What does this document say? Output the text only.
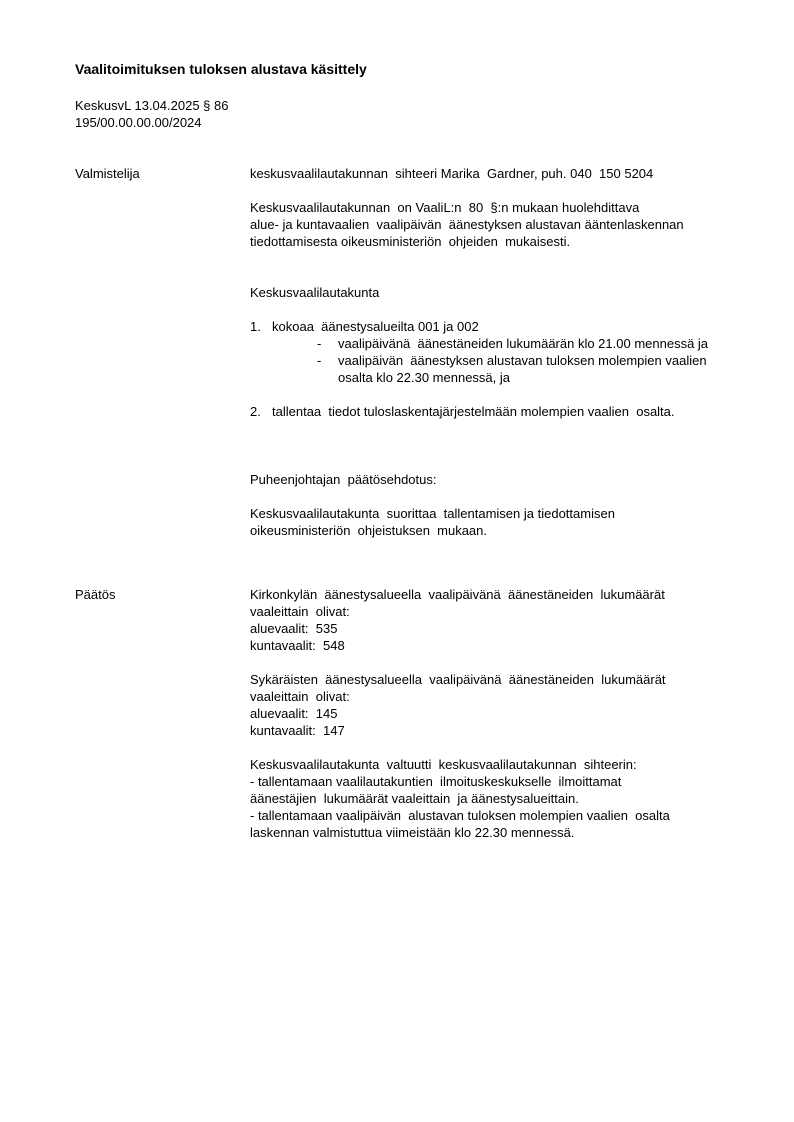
Vaalitoimituksen tuloksen alustava käsittely
KeskusvL 13.04.2025 § 86
195/00.00.00.00/2024
Valmistelija	keskusvaalilautakunnan  sihteeri Marika  Gardner, puh. 040  150 5204
Keskusvaalilautakunnan  on VaaliL:n  80  §:n mukaan huolehdittava
alue- ja kuntavaalien  vaalipäivän  äänestyksen alustavan ääntenlaskennan
tiedottamisesta oikeusministeriön  ohjeiden  mukaisesti.
Keskusvaalilautakunta
1. kokoaa  äänestysalueilta 001 ja 002
-	vaalipäivänä  äänestäneiden lukumäärän klo 21.00 mennessä ja
-	vaalipäivän  äänestyksen alustavan tuloksen molempien vaalien
osalta klo 22.30 mennessä, ja
2. tallentaa  tiedot tuloslaskentajärjestelmään molempien vaalien  osalta.
Puheenjohtajan  päätösehdotus:
Keskusvaalilautakunta  suorittaa  tallentamisen ja tiedottamisen
oikeusministeriön  ohjeistuksen  mukaan.
Päätös	Kirkonkylän  äänestysalueella  vaalipäivänä  äänestäneiden  lukumäärät
vaaleittain  olivat:
aluevaalit:  535
kuntavaalit:  548
Sykäräisten  äänestysalueella  vaalipäivänä  äänestäneiden  lukumäärät
vaaleittain  olivat:
aluevaalit:  145
kuntavaalit:  147
Keskusvaalilautakunta  valtuutti  keskusvaalilautakunnan  sihteerin:
- tallentamaan vaalilautakuntien  ilmoituskeskukselle  ilmoittamat
äänestäjien  lukumäärät vaaleittain  ja äänestysalueittain.
- tallentamaan vaalipäivän  alustavan tuloksen molempien vaalien  osalta
laskennan valmistuttua viimeistään klo 22.30 mennessä.
